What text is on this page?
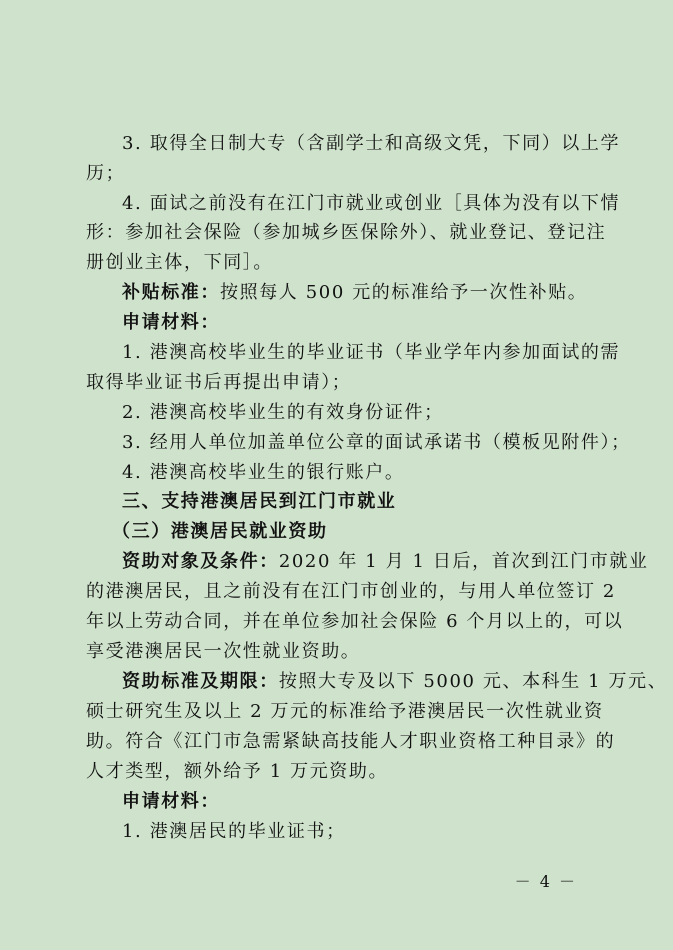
3. 取得全日制大专（含副学士和高级文凭，下同）以上学
历；
4. 面试之前没有在江门市就业或创业［具体为没有以下情
形：参加社会保险（参加城乡医保除外）、就业登记、登记注
册创业主体，下同］。
补贴标准：按照每人 500 元的标准给予一次性补贴。
申请材料：
1. 港澳高校毕业生的毕业证书（毕业学年内参加面试的需
取得毕业证书后再提出申请）；
2. 港澳高校毕业生的有效身份证件；
3. 经用人单位加盖单位公章的面试承诺书（模板见附件）；
4. 港澳高校毕业生的银行账户。
三、支持港澳居民到江门市就业
（三）港澳居民就业资助
资助对象及条件：2020 年 1 月 1 日后，首次到江门市就业
的港澳居民，且之前没有在江门市创业的，与用人单位签订 2
年以上劳动合同，并在单位参加社会保险 6 个月以上的，可以
享受港澳居民一次性就业资助。
资助标准及期限：按照大专及以下 5000 元、本科生 1 万元、
硕士研究生及以上 2 万元的标准给予港澳居民一次性就业资
助。符合《江门市急需紧缺高技能人才职业资格工种目录》的
人才类型，额外给予 1 万元资助。
申请材料：
1. 港澳居民的毕业证书；
－ 4 －
